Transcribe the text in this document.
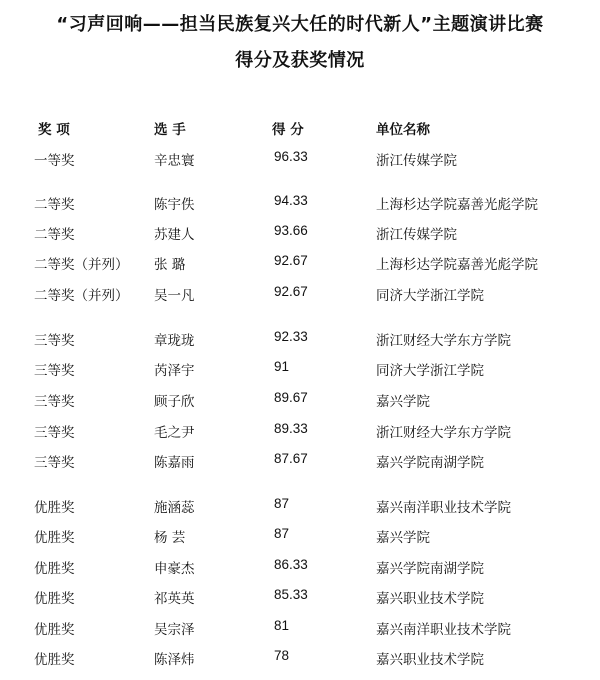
“习声回响——担当民族复兴大任的时代新人”主题演讲比赛
得分及获奖情况
奖 项	选 手	得 分	单位名称
一等奖	辛忠寰	96.33	浙江传媒学院
二等奖	陈宇佚	94.33	上海杉达学院嘉善光彪学院
二等奖	苏建人	93.66	浙江传媒学院
二等奖（并列） 张 璐	92.67	上海杉达学院嘉善光彪学院
二等奖（并列） 吴一凡	92.67	同济大学浙江学院
三等奖	章珑珑	92.33	浙江财经大学东方学院
三等奖	芮泽宇	91	同济大学浙江学院
三等奖	顾子欣	89.67	嘉兴学院
三等奖	毛之尹	89.33	浙江财经大学东方学院
三等奖	陈嘉雨	87.67	嘉兴学院南湖学院
优胜奖	施涵蕊	87	嘉兴南洋职业技术学院
优胜奖	杨 芸	87	嘉兴学院
优胜奖	申豪杰	86.33	嘉兴学院南湖学院
优胜奖	祁英英	85.33	嘉兴职业技术学院
优胜奖	吴宗泽	81	嘉兴南洋职业技术学院
优胜奖	陈泽炜	78	嘉兴职业技术学院
